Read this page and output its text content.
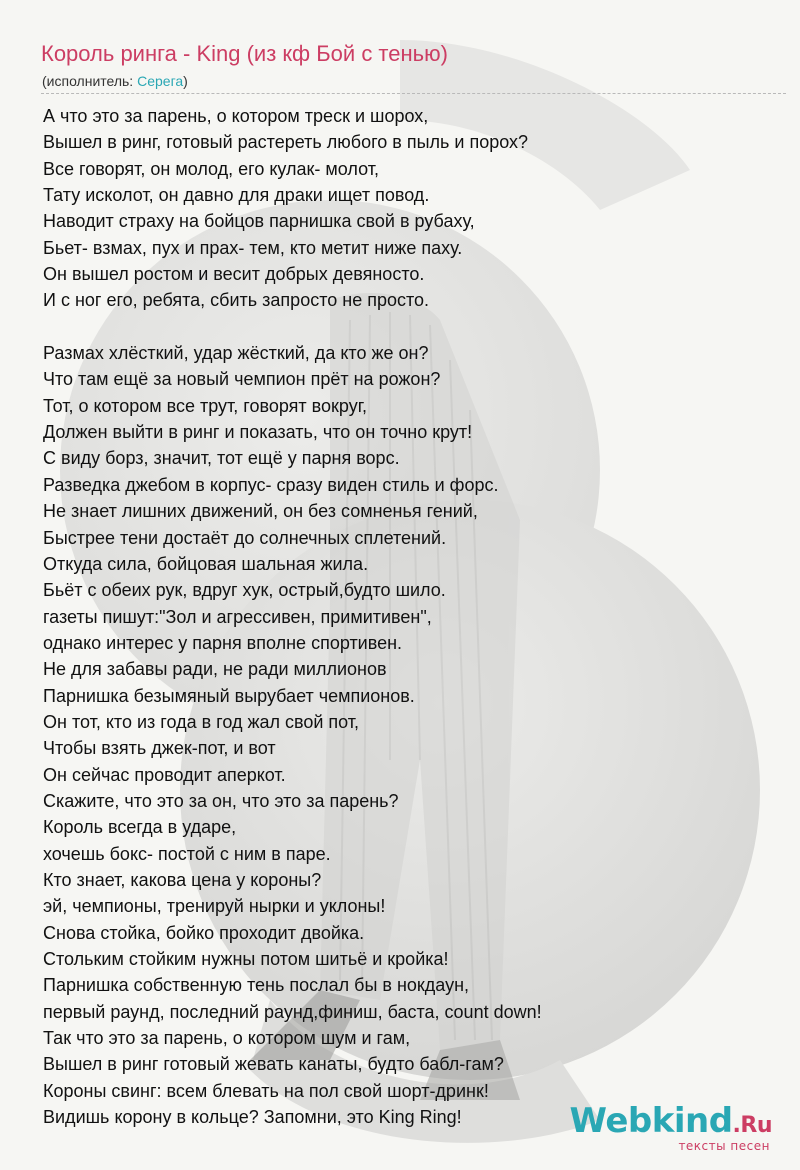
Король ринга - King (из кф Бой с тенью)
(исполнитель: Серега)
А что это за парень, о котором треск и шорох,
Вышел в ринг, готовый растереть любого в пыль и порох?
Все говорят, он молод, его кулак- молот,
Тату исколот, он давно для драки ищет повод.
Наводит страху на бойцов парнишка свой в рубаху,
Бьет- взмах, пух и прах- тем, кто метит ниже паху.
Он вышел ростом и весит добрых девяносто.
И с ног его, ребята, сбить запросто не просто.
Размах хлёсткий, удар жёсткий, да кто же он?
Что там ещё за новый чемпион прёт на рожон?
Тот, о котором все трут, говорят вокруг,
Должен выйти в ринг и показать, что он точно крут!
С виду борз, значит, тот ещё у парня ворс.
Разведка джебом в корпус- сразу виден стиль и форс.
Не знает лишних движений, он без сомненья гений,
Быстрее тени достаёт до солнечных сплетений.
Откуда сила, бойцовая шальная жила.
Бьёт с обеих рук, вдруг хук, острый,будто шило.
газеты пишут:"Зол и агрессивен, примитивен",
однако интерес у парня вполне спортивен.
Не для забавы ради, не ради миллионов
Парнишка безымяный вырубает чемпионов.
Он тот, кто из года в год жал свой пот,
Чтобы взять джек-пот, и вот
Он сейчас проводит аперкот.
Скажите, что это за он, что это за парень?
Король всегда в ударе,
хочешь бокс- постой с ним в паре.
Кто знает, какова цена у короны?
эй, чемпионы, тренируй нырки и уклоны!
Снова стойка, бойко проходит двойка.
Стольким стойким нужны потом шитьё и кройка!
Парнишка собственную тень послал бы в нокдаун,
первый раунд, последний раунд,финиш, баста, count down!
Так что это за парень, о котором шум и гам,
Вышел в ринг готовый жевать канаты, будто бабл-гам?
Короны свинг: всем блевать на пол свой шорт-дринк!
Видишь корону в кольце? Запомни, это King Ring!	Webkind.Ru
тексты песен
